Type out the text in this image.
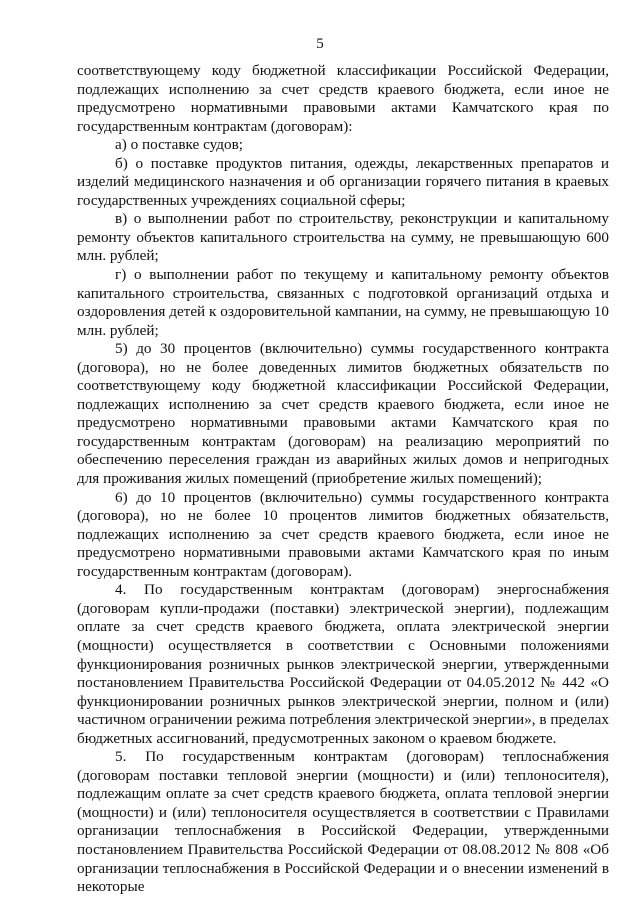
5

соответствующему коду бюджетной классификации Российской Федерации, подлежащих исполнению за счет средств краевого бюджета, если иное не предусмотрено нормативными правовыми актами Камчатского края по государственным контрактам (договорам):

а) о поставке судов;

б) о поставке продуктов питания, одежды, лекарственных препаратов и изделий медицинского назначения и об организации горячего питания в краевых государственных учреждениях социальной сферы;

в) о выполнении работ по строительству, реконструкции и капитальному ремонту объектов капитального строительства на сумму, не превышающую 600 млн. рублей;

г) о выполнении работ по текущему и капитальному ремонту объектов капитального строительства, связанных с подготовкой организаций отдыха и оздоровления детей к оздоровительной кампании, на сумму, не превышающую 10 млн. рублей;

5) до 30 процентов (включительно) суммы государственного контракта (договора), но не более доведенных лимитов бюджетных обязательств по соответствующему коду бюджетной классификации Российской Федерации, подлежащих исполнению за счет средств краевого бюджета, если иное не предусмотрено нормативными правовыми актами Камчатского края по государственным контрактам (договорам) на реализацию мероприятий по обеспечению переселения граждан из аварийных жилых домов и непригодных для проживания жилых помещений (приобретение жилых помещений);

6) до 10 процентов (включительно) суммы государственного контракта (договора), но не более 10 процентов лимитов бюджетных обязательств, подлежащих исполнению за счет средств краевого бюджета, если иное не предусмотрено нормативными правовыми актами Камчатского края по иным государственным контрактам (договорам).

4. По государственным контрактам (договорам) энергоснабжения (договорам купли-продажи (поставки) электрической энергии), подлежащим оплате за счет средств краевого бюджета, оплата электрической энергии (мощности) осуществляется в соответствии с Основными положениями функционирования розничных рынков электрической энергии, утвержденными постановлением Правительства Российской Федерации от 04.05.2012 № 442 «О функционировании розничных рынков электрической энергии, полном и (или) частичном ограничении режима потребления электрической энергии», в пределах бюджетных ассигнований, предусмотренных законом о краевом бюджете.

5. По государственным контрактам (договорам) теплоснабжения (договорам поставки тепловой энергии (мощности) и (или) теплоносителя), подлежащим оплате за счет средств краевого бюджета, оплата тепловой энергии (мощности) и (или) теплоносителя осуществляется в соответствии с Правилами организации теплоснабжения в Российской Федерации, утвержденными постановлением Правительства Российской Федерации от 08.08.2012 № 808 «Об организации теплоснабжения в Российской Федерации и о внесении изменений в некоторые
